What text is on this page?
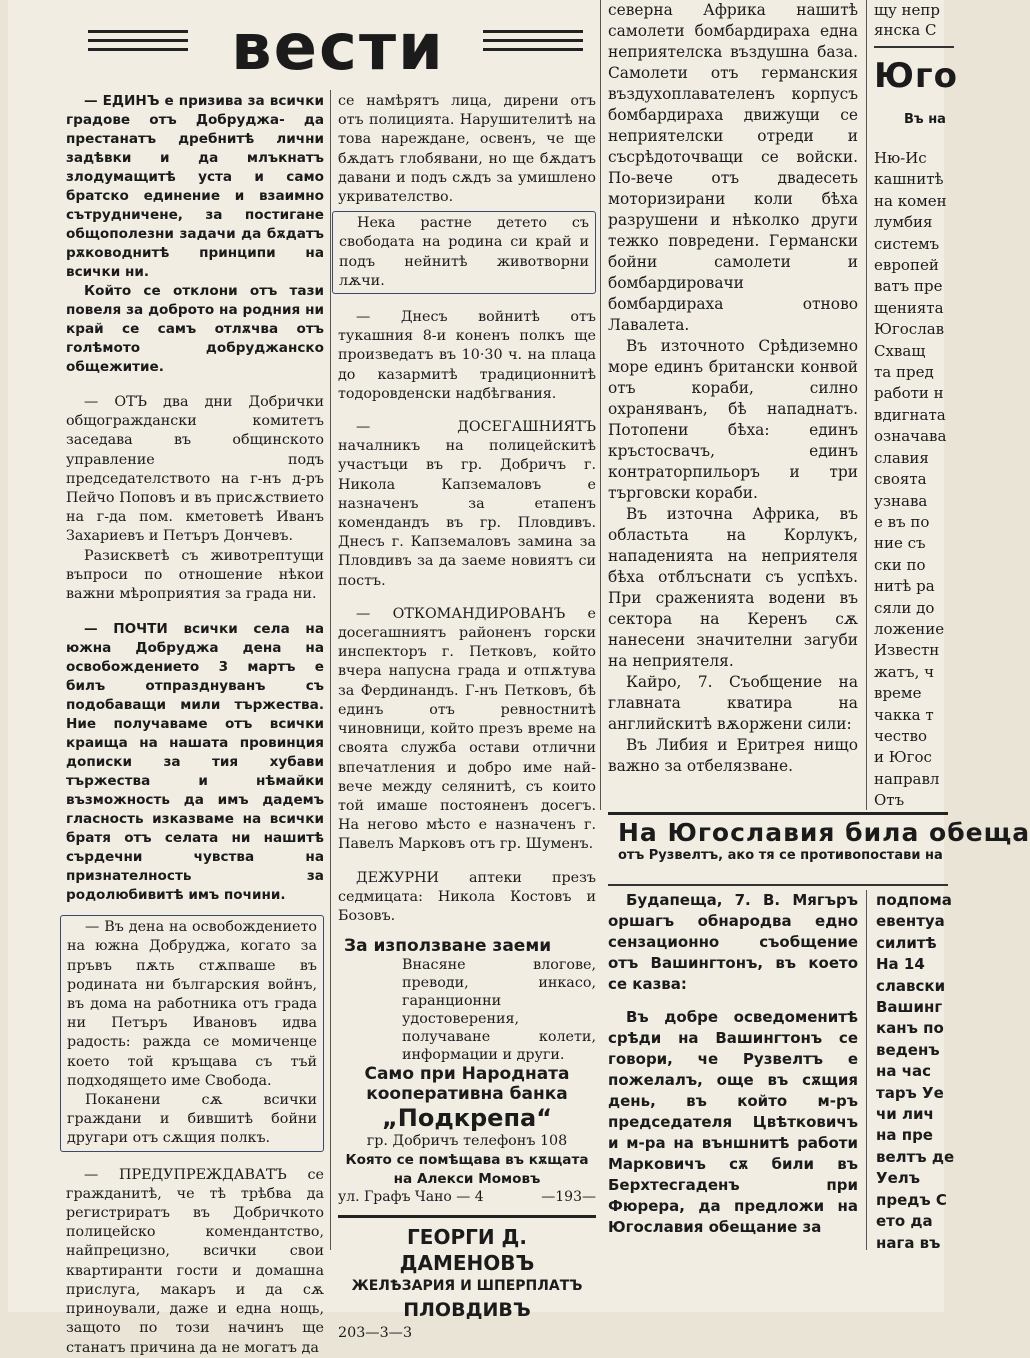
вести

— ЕДИНЪ е призива за всички градове отъ Добруджа- да престанатъ дребнитѣ лични задѣвки и да млъкнатъ злодумащитѣ уста и само братско единение и взаимно сътрудничене, за постигане общополезни задачи да бѫдатъ рѫководнитѣ принципи на всички ни.

Който се отклони отъ тази повеля за доброто на родния ни край се самъ отлѫчва отъ голѣмото добруджанско общежитие.

— ОТЪ два дни Добрички общограждански комитетъ заседава въ общинското управление подъ председателството на г-нъ д-ръ Пейчо Поповъ и въ присѫствието на г-да пом. кметоветѣ Иванъ Захариевъ и Петъръ Дончевъ.

Разискветѣ съ животрептущи въпроси по отношение нѣкои важни мѣроприятия за града ни.

— ПОЧТИ всички села на южна Добруджа дена на освобождението 3 мартъ е билъ отпразднуванъ съ подобаващи мили тържества. Ние получаваме отъ всички краища на нашата провинция дописки за тия хубави тържества и нѣмайки възможность да имъ дадемъ гласность изказваме на всички братя отъ селата ни нашитѣ сърдечни чувства на признателность за родолюбивитѣ имъ почини.

— Въ дена на освобождението на южна Добруджа, когато за пръвъ пѫть стѫпваше въ родината ни българския войнъ, въ дома на работника отъ града ни Петъръ Ивановъ идва радость: ражда се момиченце което той кръщава съ тъй подходящето име Свобода.

Поканени сѫ всички граждани и бившитѣ бойни другари отъ сѫщия полкъ.

— ПРЕДУПРЕЖДАВАТЪ се гражданитѣ, че тѣ трѣбва да регистриратъ въ Добричкото полицейско комендантство, найпрецизно, всички свои квартиранти гости и домашна прислуга, макаръ и да сѫ приноували, даже и една нощь, защото по този начинъ ще станатъ причина да не могатъ да

се намѣрятъ лица, дирени отъ отъ полицията. Нарушителитѣ на това нареждане, освенъ, че ще бѫдатъ глобявани, но ще бѫдатъ давани и подъ сѫдъ за умишлено укривателство.

Нека растне детето съ свободата на родина си край и подъ нейнитѣ животворни лѫчи.

— Днесъ войнитѣ отъ тукашния 8-и коненъ полкъ ще произведатъ въ 10·30 ч. на плаца до казармитѣ традиционнитѣ тодоровденски надбѣгвания.

— ДОСЕГАШНИЯТЪ началникъ на полицейскитѣ участъци въ гр. Добричъ г. Никола Капземаловъ е назначенъ за етапенъ комендандъ въ гр. Пловдивъ. Днесъ г. Капземаловъ замина за Пловдивъ за да заеме новиятъ си постъ.

— ОТКОМАНДИРОВАНЪ е досегашниятъ районенъ горски инспекторъ г. Петковъ, който вчера напусна града и отпѫтува за Фердинандъ. Г-нъ Петковъ, бѣ единъ отъ ревностнитѣ чиновници, който презъ време на своята служба остави отлични впечатления и добро име най-вече между селянитѣ, съ които той имаше постояненъ досегъ. На негово мѣсто е назначенъ г. Павелъ Марковъ отъ гр. Шуменъ.

ДЕЖУРНИ аптеки презъ седмицата: Никола Костовъ и Бозовъ.

За използване заеми

Внасяне влогове, преводи, инкасо, гаранционни удостоверения, получаване колети, информации и други.

Само при Народната кооперативна банка
„Подкрепа“

гр. Добричъ телефонъ 108

Която се помѣщава въ кѫщата на Алекси Момовъ

ул. Графъ Чано — 4	—193—
ГЕОРГИ Д. ДАМЕНОВЪ
ЖЕЛѢЗАРИЯ И ШПЕРПЛАТЪ
ПЛОВДИВЪ

203—3—3

северна Африка нашитѣ самолети бомбардираха една неприятелска въздушна база. Самолети отъ германския въздухоплавателенъ корпусъ бомбардираха движущи се неприятелски отреди и съсрѣдоточващи се войски. По-вече отъ двадесеть моторизирани коли бѣха разрушени и нѣколко други тежко повредени. Германски бойни самолети и бомбардировачи бомбардираха отново Лавалета.

Въ източното Срѣдиземно море единъ британски конвой отъ кораби, силно охраняванъ, бѣ нападнатъ. Потопени бѣха: единъ кръстосвачъ, единъ контраторпильоръ и три търговски кораби.

Въ източна Африка, въ областьта на Корлукъ, нападенията на неприятеля бѣха отблъснати съ успѣхъ. При сраженията водени въ сектора на Керенъ сѫ нанесени значителни загуби на неприятеля.

Кайро, 7. Съобщение на главната кватира на английскитѣ вѫоржени сили:

Въ Либия и Еритрея нищо важно за отбелязване.

щу непр

янска С

Юго
Въ на
Ню-Ис
кашнитѣ
на комен
лумбия
системъ
европей
ватъ пре
щенията
Югослав
Схващ
та пред
работи н
вдигната
означава
славия
своята
узнава
е въ по
ние съ
ски по
нитѣ ра
сяли до
ложение
Известн
жатъ, ч
време
чакка т
чество
и Югос
направл
Отъ
На Югославия била обеща
отъ Рузвелтъ, ако тя се противопостави на

Будапеща, 7. В. Мягъръ оршагъ обнародва едно сензационно съобщение отъ Вашингтонъ, въ което се казва:

Въ добре осведоменитѣ срѣди на Вашингтонъ се говори, че Рузвелтъ е пожелалъ, още въ сѫщия день, въ който м-ръ председателя Цвѣтковичъ и м-ра на външнитѣ работи Марковичъ сѫ били въ Берхтесгаденъ при Фюрера, да предложи на Югославия обещание за

подпома
евентуа
силитѣ
На 14
славски
Вашинг
канъ по
веденъ
на час
таръ Уе
чи лич
на пре
велтъ де
Уелъ
предъ С
ето да
нага въ
